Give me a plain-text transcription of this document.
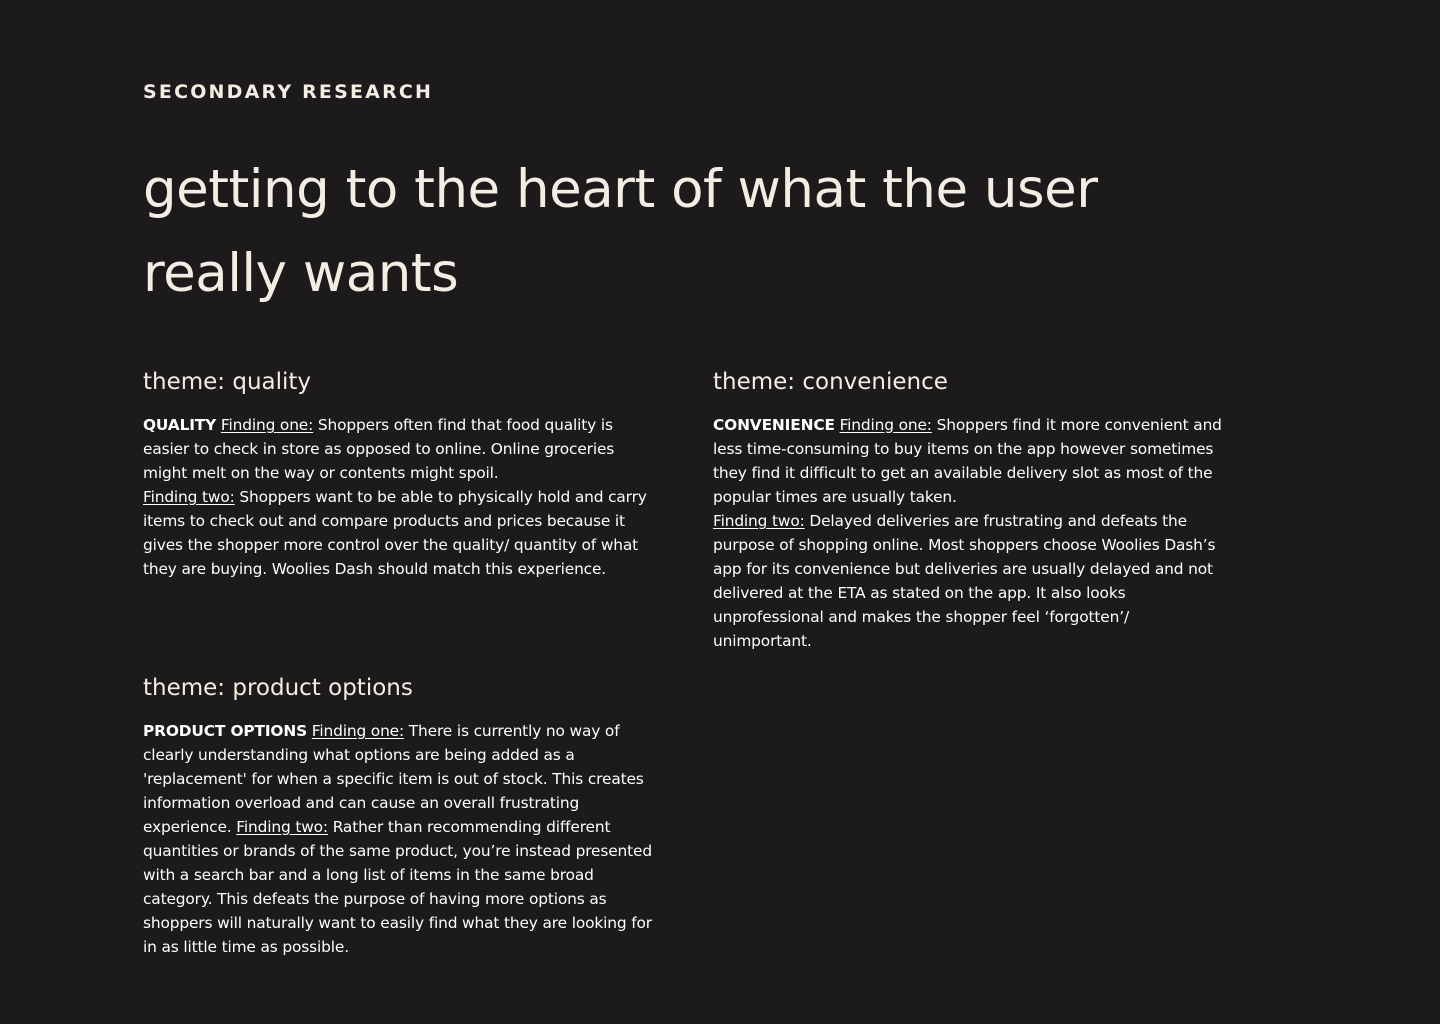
SECONDARY RESEARCH
getting to the heart of what the user really wants
theme: quality

QUALITY Finding one: Shoppers often find that food quality is easier to check in store as opposed to online. Online groceries might melt on the way or contents might spoil.
Finding two: Shoppers want to be able to physically hold and carry items to check out and compare products and prices because it gives the shopper more control over the quality/ quantity of what they are buying. Woolies Dash should match this experience.

theme: convenience

CONVENIENCE Finding one: Shoppers find it more convenient and less time-consuming to buy items on the app however sometimes they find it difficult to get an available delivery slot as most of the popular times are usually taken.
Finding two: Delayed deliveries are frustrating and defeats the purpose of shopping online. Most shoppers choose Woolies Dash’s app for its convenience but deliveries are usually delayed and not delivered at the ETA as stated on the app. It also looks unprofessional and makes the shopper feel ‘forgotten’/ unimportant.

theme: product options

PRODUCT OPTIONS Finding one: There is currently no way of clearly understanding what options are being added as a 'replacement' for when a specific item is out of stock. This creates information overload and can cause an overall frustrating experience. Finding two: Rather than recommending different quantities or brands of the same product, you’re instead presented with a search bar and a long list of items in the same broad category. This defeats the purpose of having more options as shoppers will naturally want to easily find what they are looking for in as little time as possible.
